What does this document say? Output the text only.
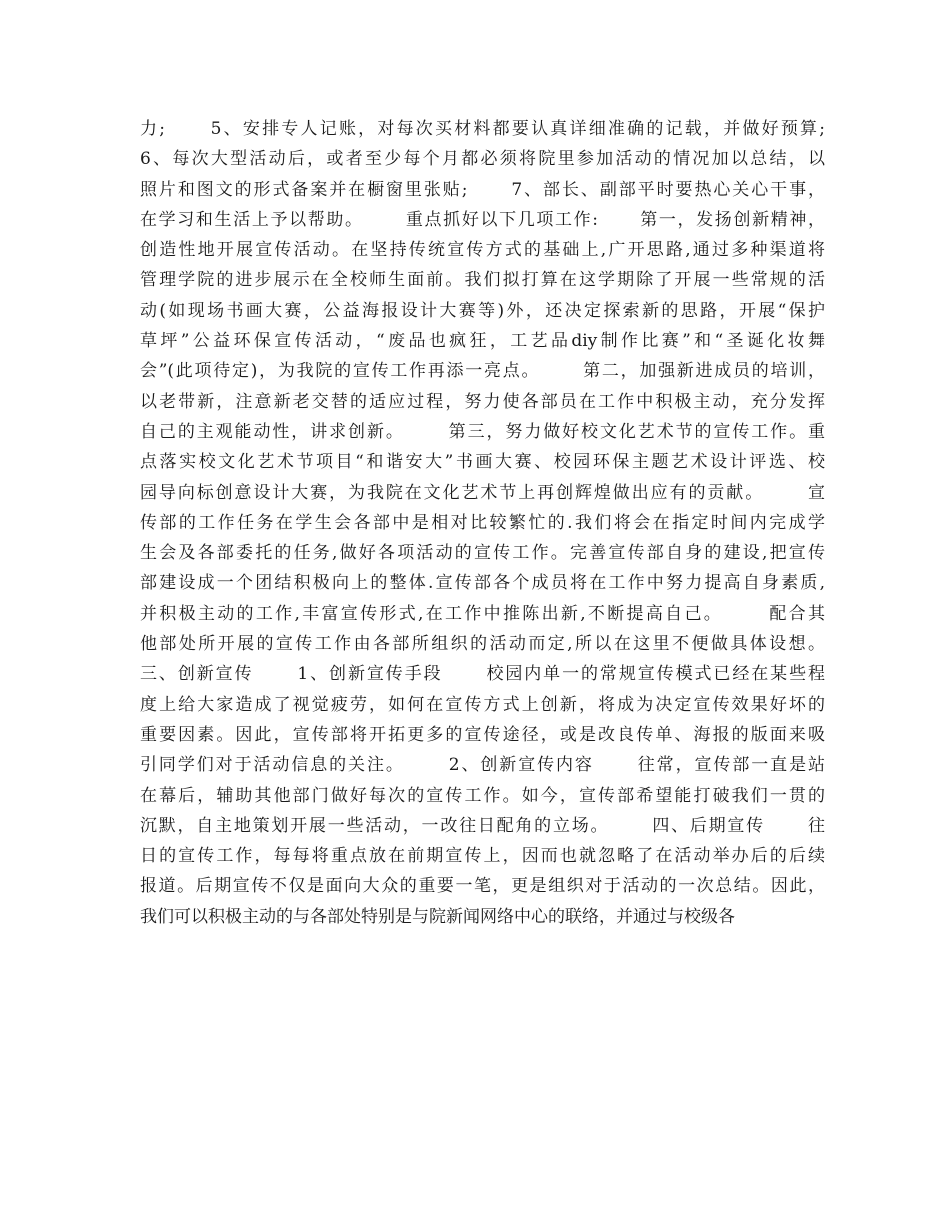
力;      5、安排专人记账，对每次买材料都要认真详细准确的记载，并做好预算;
6、每次大型活动后，或者至少每个月都必须将院里参加活动的情况加以总结，以
照片和图文的形式备案并在橱窗里张贴;      7、部长、副部平时要热心关心干事，
在学习和生活上予以帮助。      重点抓好以下几项工作:      第一，发扬创新精神，
创造性地开展宣传活动。在坚持传统宣传方式的基础上,广开思路,通过多种渠道将
管理学院的进步展示在全校师生面前。我们拟打算在这学期除了开展一些常规的活
动(如现场书画大赛，公益海报设计大赛等)外，还决定探索新的思路，开展“保护
草坪”公益环保宣传活动，“废品也疯狂，工艺品diy制作比赛”和“圣诞化妆舞
会”(此项待定)，为我院的宣传工作再添一亮点。      第二，加强新进成员的培训，
以老带新，注意新老交替的适应过程，努力使各部员在工作中积极主动，充分发挥
自己的主观能动性，讲求创新。      第三，努力做好校文化艺术节的宣传工作。重
点落实校文化艺术节项目“和谐安大”书画大赛、校园环保主题艺术设计评选、校
园导向标创意设计大赛，为我院在文化艺术节上再创辉煌做出应有的贡献。      宣
传部的工作任务在学生会各部中是相对比较繁忙的.我们将会在指定时间内完成学
生会及各部委托的任务,做好各项活动的宣传工作。完善宣传部自身的建设,把宣传
部建设成一个团结积极向上的整体.宣传部各个成员将在工作中努力提高自身素质,
并积极主动的工作,丰富宣传形式,在工作中推陈出新,不断提高自己。      配合其
他部处所开展的宣传工作由各部所组织的活动而定,所以在这里不便做具体设想。
三、创新宣传      1、创新宣传手段      校园内单一的常规宣传模式已经在某些程
度上给大家造成了视觉疲劳，如何在宣传方式上创新，将成为决定宣传效果好坏的
重要因素。因此，宣传部将开拓更多的宣传途径，或是改良传单、海报的版面来吸
引同学们对于活动信息的关注。      2、创新宣传内容      往常，宣传部一直是站
在幕后，辅助其他部门做好每次的宣传工作。如今，宣传部希望能打破我们一贯的
沉默，自主地策划开展一些活动，一改往日配角的立场。      四、后期宣传      往
日的宣传工作，每每将重点放在前期宣传上，因而也就忽略了在活动举办后的后续
报道。后期宣传不仅是面向大众的重要一笔，更是组织对于活动的一次总结。因此，
我们可以积极主动的与各部处特别是与院新闻网络中心的联络，并通过与校级各
